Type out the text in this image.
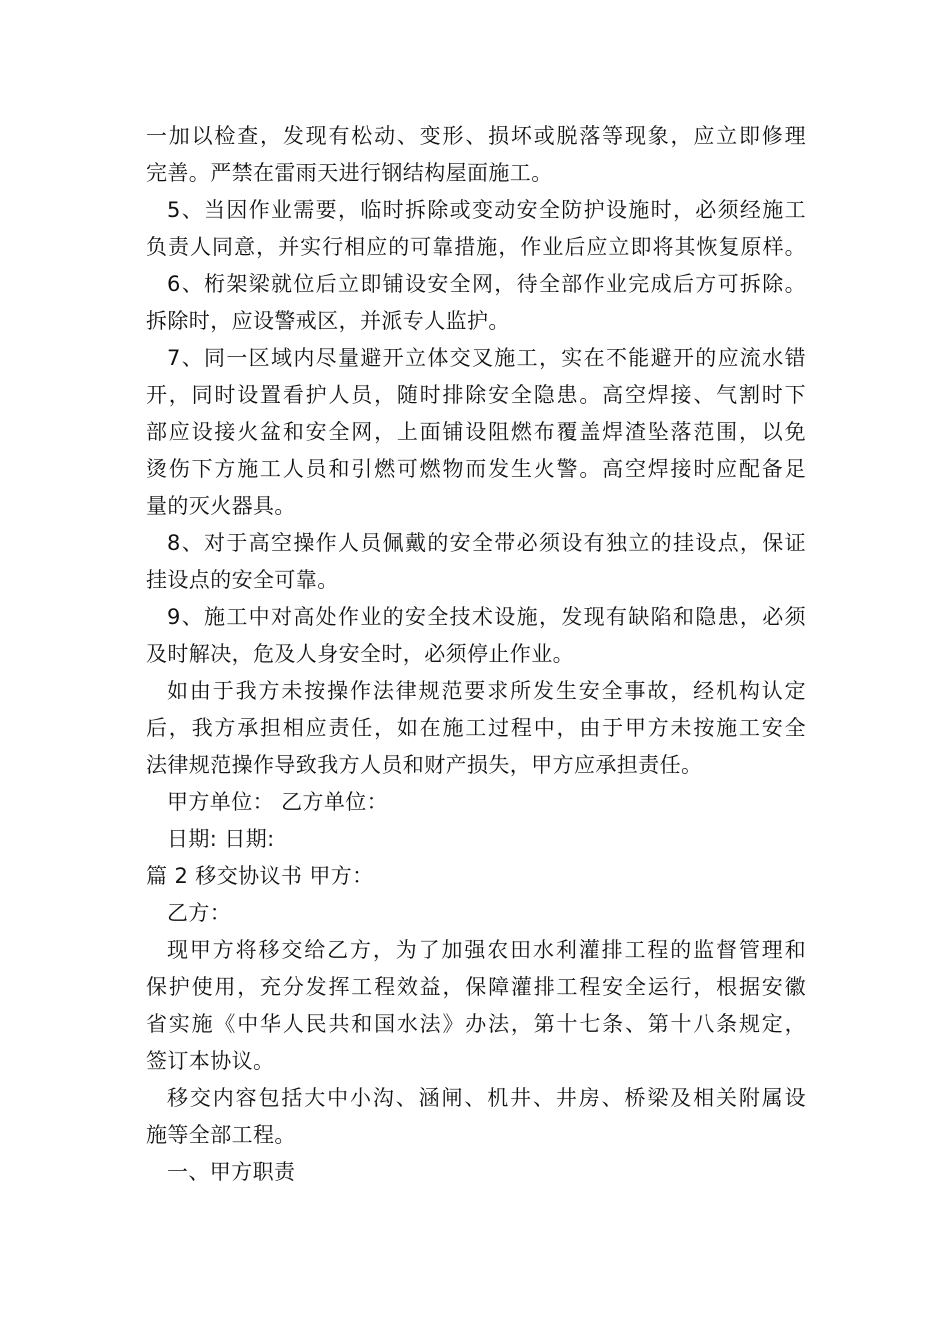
一加以检查，发现有松动、变形、损坏或脱落等现象，应立即修理
完善。严禁在雷雨天进行钢结构屋面施工。
5、当因作业需要，临时拆除或变动安全防护设施时，必须经施工
负责人同意，并实行相应的可靠措施，作业后应立即将其恢复原样。
6、桁架梁就位后立即铺设安全网，待全部作业完成后方可拆除。
拆除时，应设警戒区，并派专人监护。
7、同一区域内尽量避开立体交叉施工，实在不能避开的应流水错
开，同时设置看护人员，随时排除安全隐患。高空焊接、气割时下
部应设接火盆和安全网，上面铺设阻燃布覆盖焊渣坠落范围，以免
烫伤下方施工人员和引燃可燃物而发生火警。高空焊接时应配备足
量的灭火器具。
8、对于高空操作人员佩戴的安全带必须设有独立的挂设点，保证
挂设点的安全可靠。
9、施工中对高处作业的安全技术设施，发现有缺陷和隐患，必须
及时解决，危及人身安全时，必须停止作业。
如由于我方未按操作法律规范要求所发生安全事故，经机构认定
后，我方承担相应责任，如在施工过程中，由于甲方未按施工安全
法律规范操作导致我方人员和财产损失，甲方应承担责任。
甲方单位： 乙方单位：
日期: 日期:
篇 2 移交协议书 甲方：
乙方：
现甲方将移交给乙方，为了加强农田水利灌排工程的监督管理和
保护使用，充分发挥工程效益，保障灌排工程安全运行，根据安徽
省实施《中华人民共和国水法》办法，第十七条、第十八条规定，
签订本协议。
移交内容包括大中小沟、涵闸、机井、井房、桥梁及相关附属设
施等全部工程。
一、甲方职责
